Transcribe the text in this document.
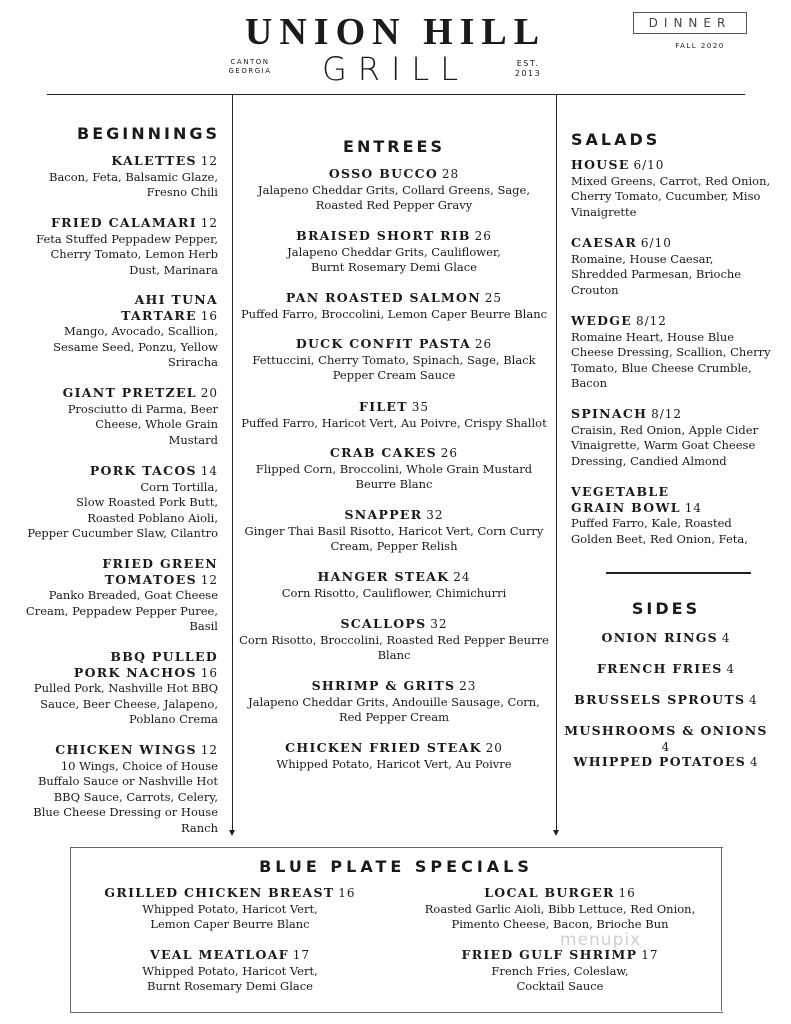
UNION HILL
GRILL
CANTON
GEORGIA
EST.
2013
DINNER
FALL 2020
BEGINNINGS
KALETTES 12
Bacon, Feta, Balsamic Glaze,
Fresno Chili
FRIED CALAMARI 12
Feta Stuffed Peppadew Pepper,
Cherry Tomato, Lemon Herb
Dust, Marinara
AHI TUNA
TARTARE 16
Mango, Avocado, Scallion,
Sesame Seed, Ponzu, Yellow
Sriracha
GIANT PRETZEL 20
Prosciutto di Parma, Beer
Cheese, Whole Grain
Mustard
PORK TACOS 14
Corn Tortilla,
Slow Roasted Pork Butt,
Roasted Poblano Aioli,
Pepper Cucumber Slaw, Cilantro
FRIED GREEN
TOMATOES 12
Panko Breaded, Goat Cheese
Cream, Peppadew Pepper Puree,
Basil
BBQ PULLED
PORK NACHOS 16
Pulled Pork, Nashville Hot BBQ
Sauce, Beer Cheese, Jalapeno,
Poblano Crema
CHICKEN WINGS 12
10 Wings, Choice of House
Buffalo Sauce or Nashville Hot
BBQ Sauce, Carrots, Celery,
Blue Cheese Dressing or House
Ranch
ENTREES
OSSO BUCCO 28
Jalapeno Cheddar Grits, Collard Greens, Sage,
Roasted Red Pepper Gravy
BRAISED SHORT RIB 26
Jalapeno Cheddar Grits, Cauliflower,
Burnt Rosemary Demi Glace
PAN ROASTED SALMON 25
Puffed Farro, Broccolini, Lemon Caper Beurre Blanc
DUCK CONFIT PASTA 26
Fettuccini, Cherry Tomato, Spinach, Sage, Black
Pepper Cream Sauce
FILET 35
Puffed Farro, Haricot Vert, Au Poivre, Crispy Shallot
CRAB CAKES 26
Flipped Corn, Broccolini, Whole Grain Mustard
Beurre Blanc
SNAPPER 32
Ginger Thai Basil Risotto, Haricot Vert, Corn Curry
Cream, Pepper Relish
HANGER STEAK 24
Corn Risotto, Cauliflower, Chimichurri
SCALLOPS 32
Corn Risotto, Broccolini, Roasted Red Pepper Beurre
Blanc
SHRIMP & GRITS 23
Jalapeno Cheddar Grits, Andouille Sausage, Corn,
Red Pepper Cream
CHICKEN FRIED STEAK 20
Whipped Potato, Haricot Vert, Au Poivre
SALADS
HOUSE 6/10
Mixed Greens, Carrot, Red Onion,
Cherry Tomato, Cucumber, Miso
Vinaigrette
CAESAR 6/10
Romaine, House Caesar,
Shredded Parmesan, Brioche
Crouton
WEDGE 8/12
Romaine Heart, House Blue
Cheese Dressing, Scallion, Cherry
Tomato, Blue Cheese Crumble,
Bacon
SPINACH 8/12
Craisin, Red Onion, Apple Cider
Vinaigrette, Warm Goat Cheese
Dressing, Candied Almond
VEGETABLE
GRAIN BOWL 14
Puffed Farro, Kale, Roasted
Golden Beet, Red Onion, Feta,
SIDES
ONION RINGS 4
FRENCH FRIES 4
BRUSSELS SPROUTS 4
MUSHROOMS & ONIONS 4
WHIPPED POTATOES 4
BLUE PLATE SPECIALS
GRILLED CHICKEN BREAST 16
Whipped Potato, Haricot Vert,
Lemon Caper Beurre Blanc
LOCAL BURGER 16
Roasted Garlic Aioli, Bibb Lettuce, Red Onion,
Pimento Cheese, Bacon, Brioche Bun
VEAL MEATLOAF 17
Whipped Potato, Haricot Vert,
Burnt Rosemary Demi Glace
FRIED GULF SHRIMP 17
French Fries, Coleslaw,
Cocktail Sauce
menupix
